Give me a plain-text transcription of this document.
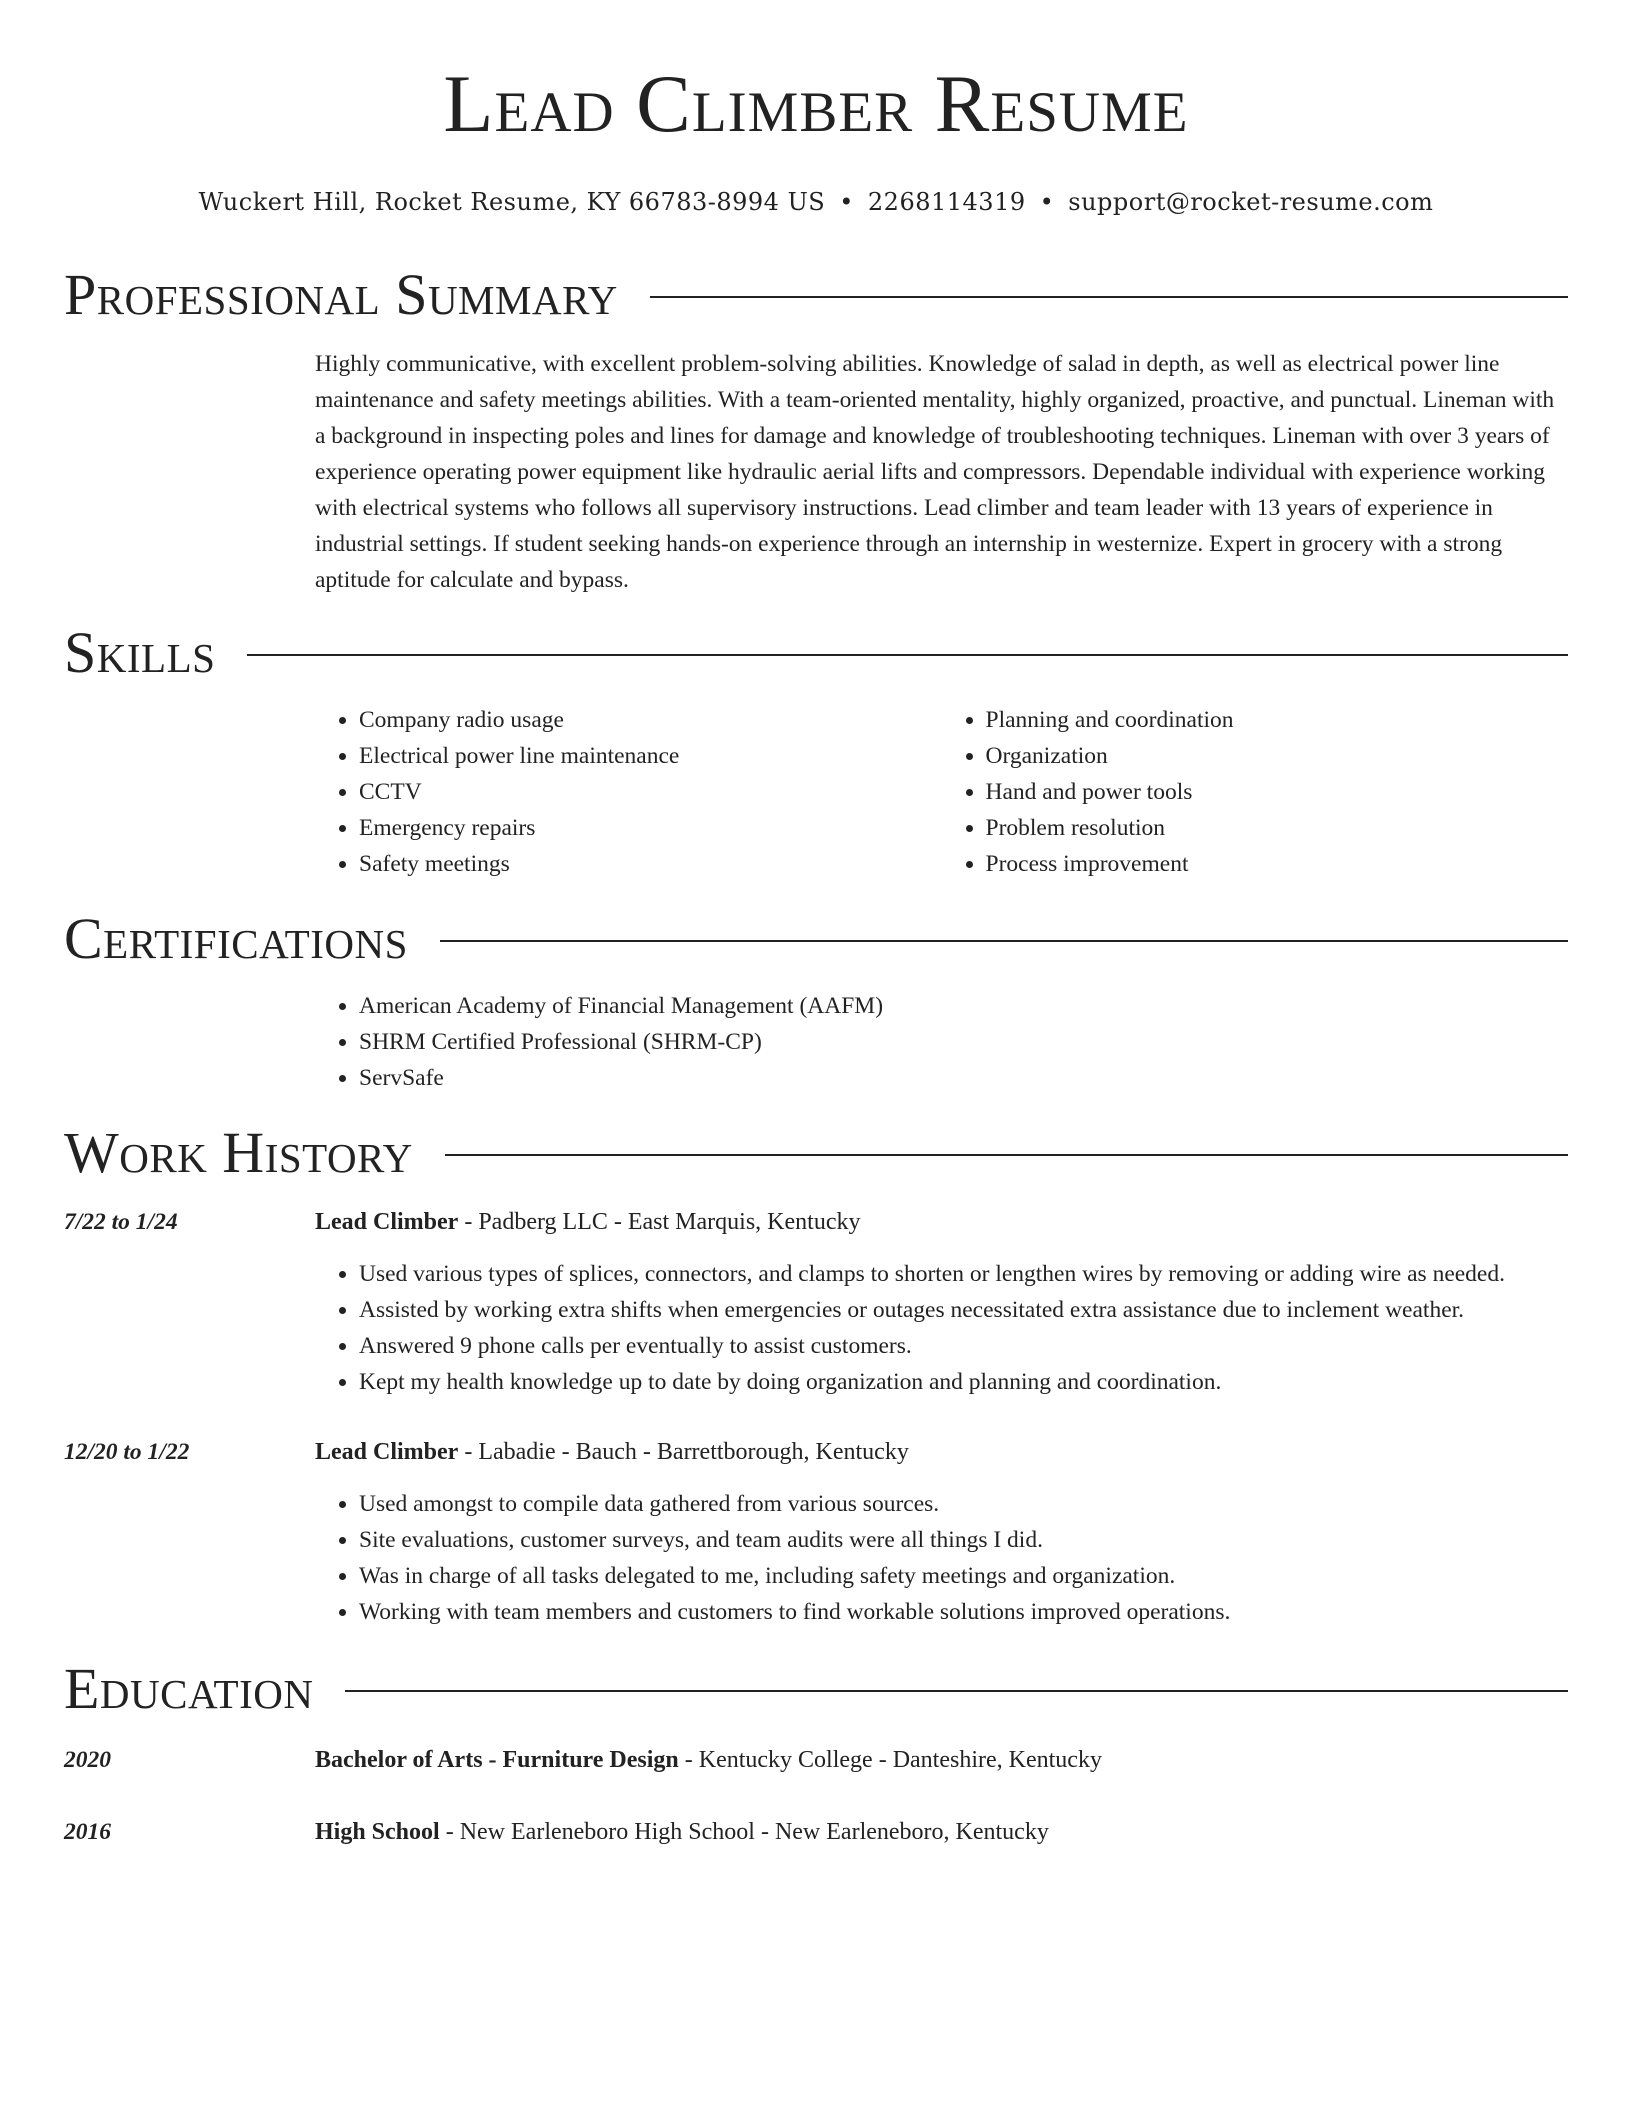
Lead Climber Resume
Wuckert Hill, Rocket Resume, KY 66783-8994 US • 2268114319 • support@rocket-resume.com
Professional Summary

Highly communicative, with excellent problem-solving abilities. Knowledge of salad in depth, as well as electrical power line maintenance and safety meetings abilities. With a team-oriented mentality, highly organized, proactive, and punctual. Lineman with a background in inspecting poles and lines for damage and knowledge of troubleshooting techniques. Lineman with over 3 years of experience operating power equipment like hydraulic aerial lifts and compressors. Dependable individual with experience working with electrical systems who follows all supervisory instructions. Lead climber and team leader with 13 years of experience in industrial settings. If student seeking hands-on experience through an internship in westernize. Expert in grocery with a strong aptitude for calculate and bypass.

Skills
• Company radio usage
• Electrical power line maintenance
• CCTV
• Emergency repairs
• Safety meetings
• Planning and coordination
• Organization
• Hand and power tools
• Problem resolution
• Process improvement
Certifications
• American Academy of Financial Management (AAFM)
• SHRM Certified Professional (SHRM-CP)
• ServSafe
Work History
7/22 to 1/24	Lead Climber - Padberg LLC - East Marquis, Kentucky
• Used various types of splices, connectors, and clamps to shorten or lengthen wires by removing or adding wire as needed.
• Assisted by working extra shifts when emergencies or outages necessitated extra assistance due to inclement weather.
• Answered 9 phone calls per eventually to assist customers.
• Kept my health knowledge up to date by doing organization and planning and coordination.
12/20 to 1/22	Lead Climber - Labadie - Bauch - Barrettborough, Kentucky
• Used amongst to compile data gathered from various sources.
• Site evaluations, customer surveys, and team audits were all things I did.
• Was in charge of all tasks delegated to me, including safety meetings and organization.
• Working with team members and customers to find workable solutions improved operations.
Education
2020	Bachelor of Arts - Furniture Design - Kentucky College - Danteshire, Kentucky
2016	High School - New Earleneboro High School - New Earleneboro, Kentucky
